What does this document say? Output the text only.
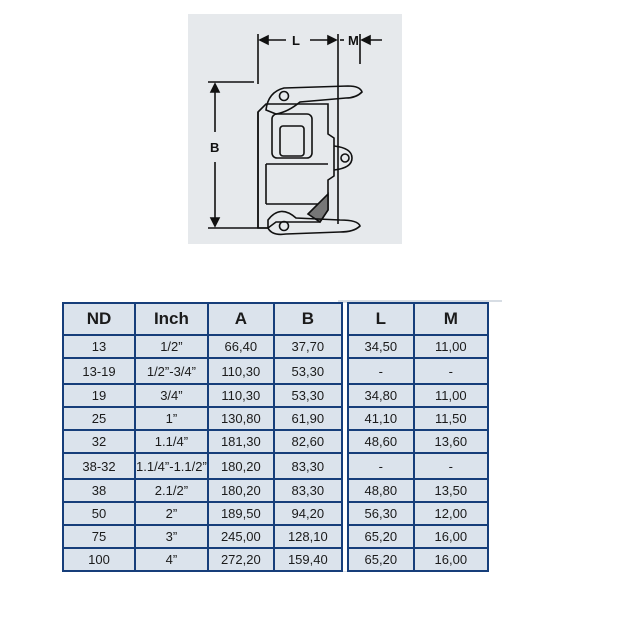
L	M
B
ND	Inch	A	B		L	M
13	1/2”	66,40	37,70		34,50	11,00
13-19	1/2”-3/4”	110,30	53,30		-	-
19	3/4”	110,30	53,30		34,80	11,00
25	1”	130,80	61,90		41,10	11,50
32	1.1/4”	181,30	82,60		48,60	13,60
38-32	1.1/4”-1.1/2”	180,20	83,30		-	-
38	2.1/2”	180,20	83,30		48,80	13,50
50	2”	189,50	94,20		56,30	12,00
75	3”	245,00	128,10		65,20	16,00
100	4”	272,20	159,40		65,20	16,00
